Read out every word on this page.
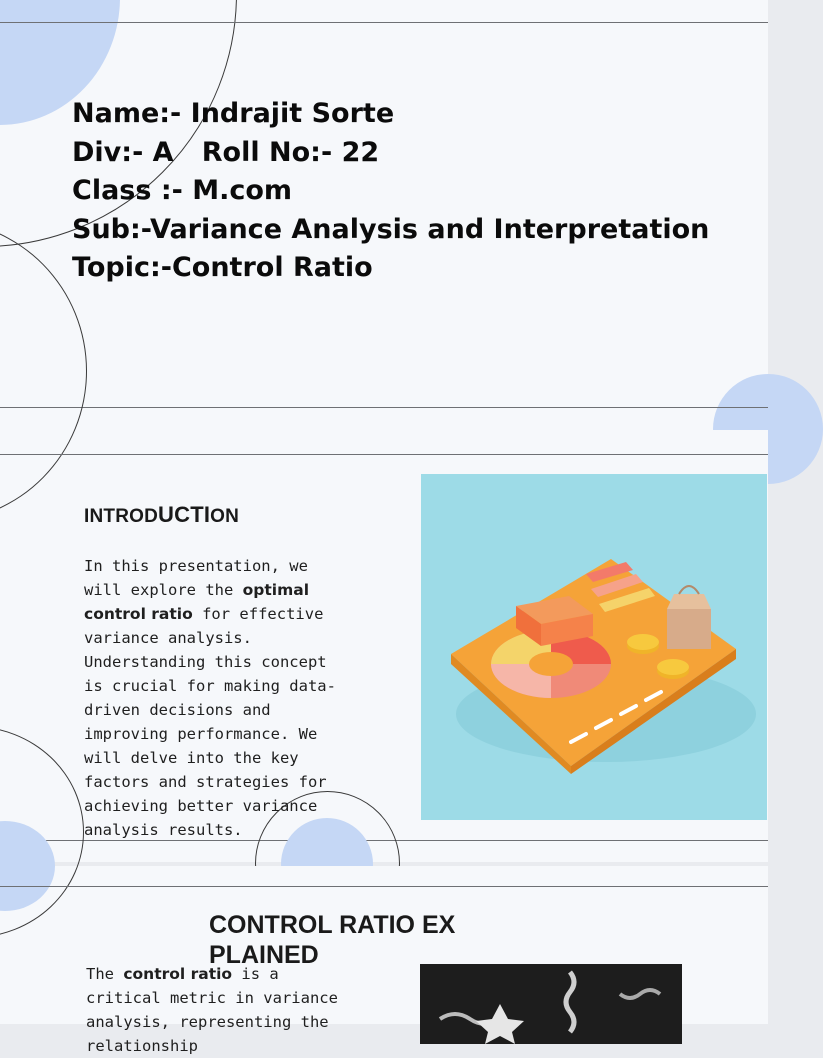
Name:- Indrajit Sorte
Div:- A   Roll No:- 22
Class :- M.com
Sub:-Variance Analysis and Interpretation
Topic:-Control Ratio
INTRODUCTION
In this presentation, we will explore the optimal control ratio for effective variance analysis. Understanding this concept is crucial for making data-driven decisions and improving performance. We will delve into the key factors and strategies for achieving better variance analysis results.
CONTROL RATIO EX PLAINED
The control ratio is a critical metric in variance analysis, representing the relationship
